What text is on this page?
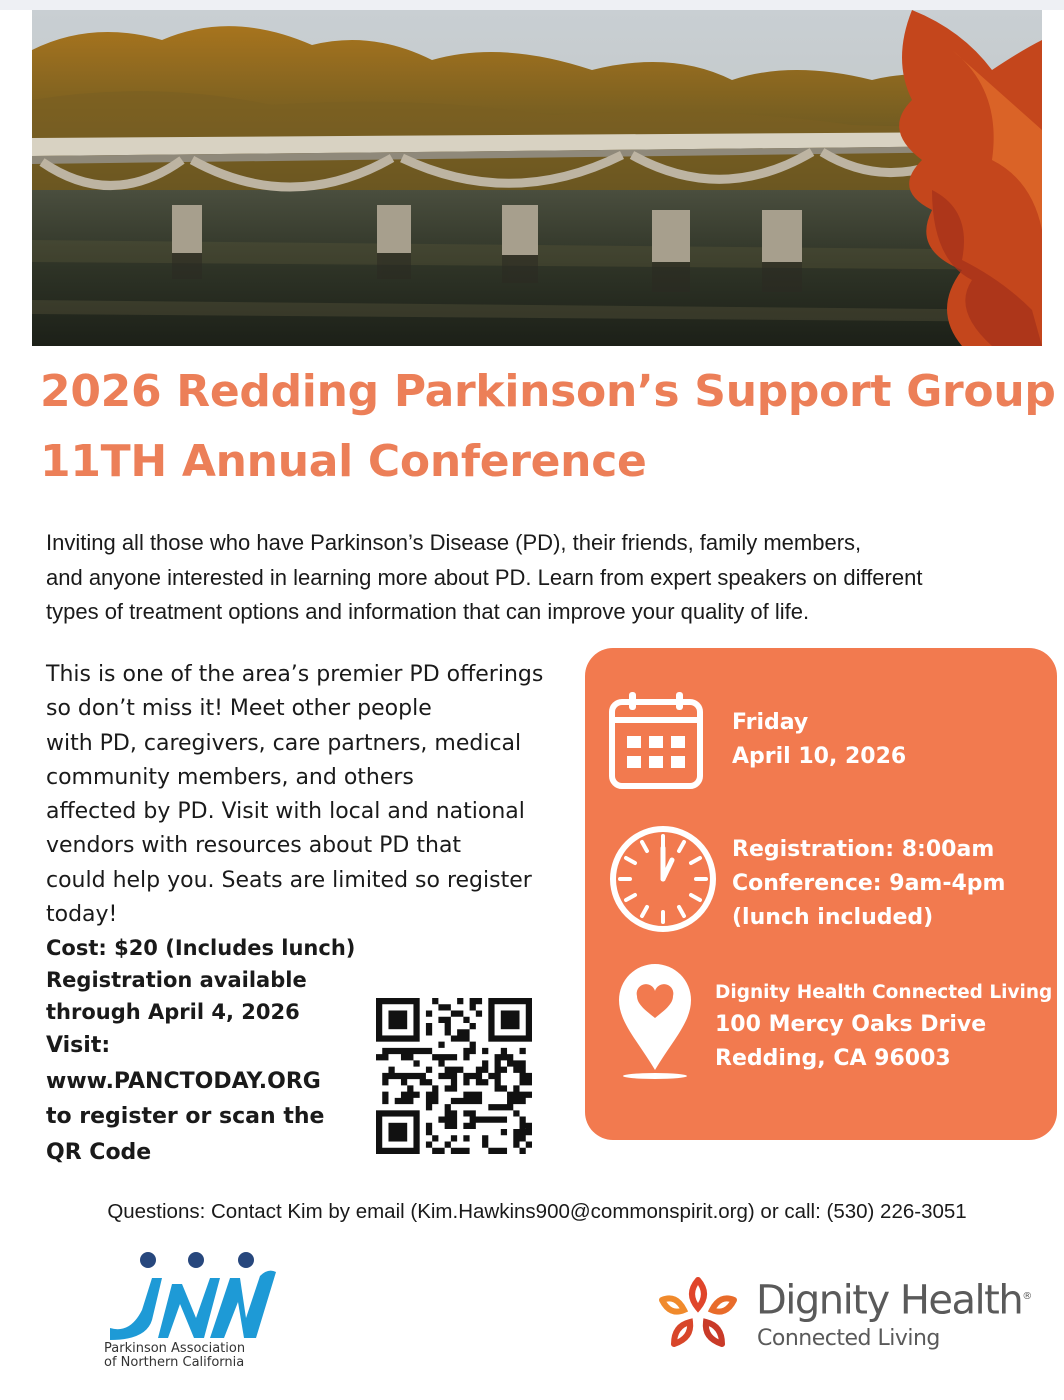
2026 Redding Parkinson’s Support Group
11TH Annual Conference
Inviting all those who have Parkinson’s Disease (PD), their friends, family members,
and anyone interested in learning more about PD. Learn from expert speakers on different
types of treatment options and information that can improve your quality of life.
This is one of the area’s premier PD offerings
so don’t miss it! Meet other people
with PD, caregivers, care partners, medical
community members, and others
affected by PD. Visit with local and national
vendors with resources about PD that
could help you. Seats are limited so register
today!
Cost: $20 (Includes lunch)
Registration available
through April 4, 2026
Visit:
www.PANCTODAY.ORG
to register or scan the
QR Code
Friday
April 10, 2026
Registration: 8:00am
Conference: 9am-4pm
(lunch included)
Dignity Health Connected Living
100 Mercy Oaks Drive
Redding, CA 96003
Questions: Contact Kim by email (Kim.Hawkins900@commonspirit.org) or call: (530) 226-3051
Parkinson Association
of Northern California
Dignity Health®
Connected Living
